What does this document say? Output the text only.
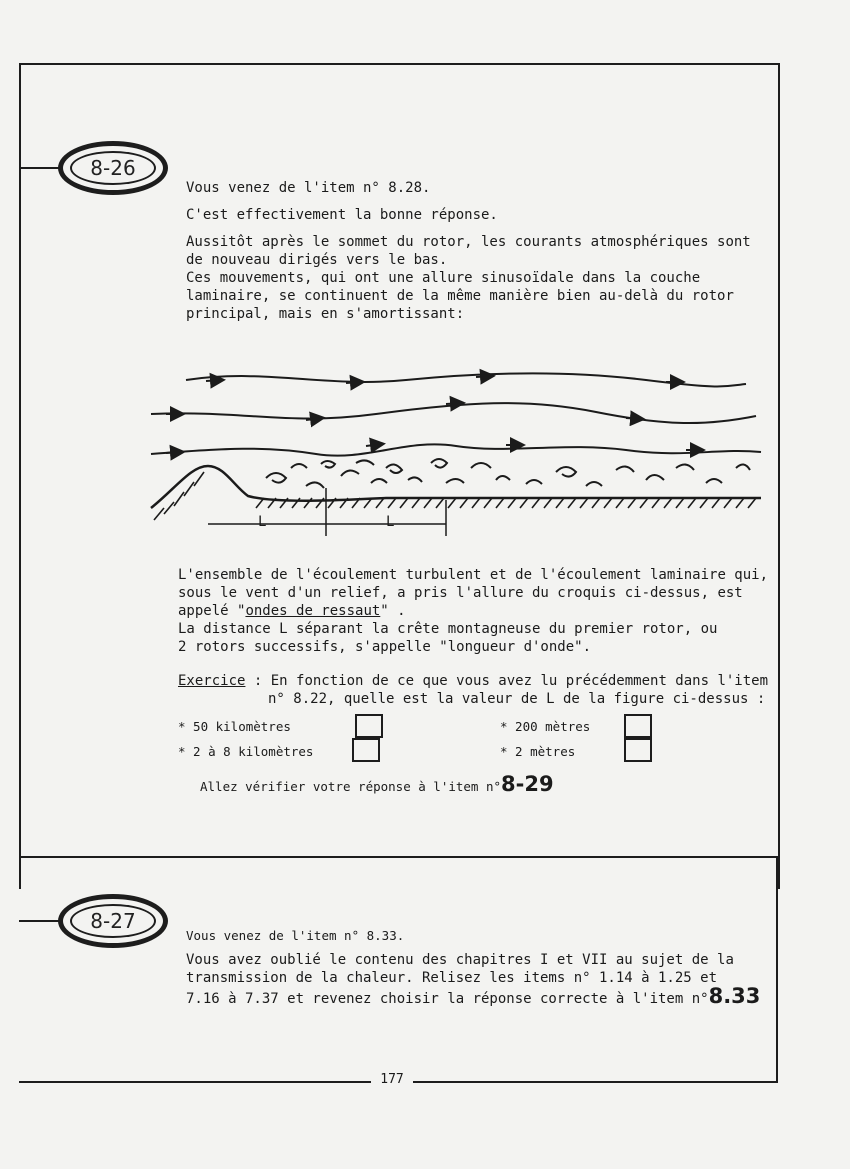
177
8-26
Vous venez de l'item n° 8.28.
C'est effectivement la bonne réponse.
Aussitôt après le sommet du rotor, les courants atmosphériques sont
de nouveau dirigés vers le bas.
Ces mouvements, qui ont une allure sinusoïdale dans la couche
laminaire, se continuent de la même manière bien au-delà du rotor
principal, mais en s'amortissant:
L	L
L'ensemble de l'écoulement turbulent et de l'écoulement laminaire qui,
sous le vent d'un relief, a pris l'allure du croquis ci-dessus, est
appelé "ondes de ressaut" .
La distance L séparant la crête montagneuse du premier rotor, ou
2 rotors successifs, s'appelle "longueur d'onde".
Exercice : En fonction de ce que vous avez lu précédemment dans l'item
n° 8.22, quelle est la valeur de L de la figure ci-dessus :
* 50 kilomètres	* 200 mètres
* 2 à 8 kilomètres	* 2 mètres
Allez vérifier votre réponse à l'item n°8-29
8-27
Vous venez de l'item n° 8.33.
Vous avez oublié le contenu des chapitres I et VII au sujet de la
transmission de la chaleur. Relisez les items n° 1.14 à 1.25 et
7.16 à 7.37 et revenez choisir la réponse correcte à l'item n°8.33
